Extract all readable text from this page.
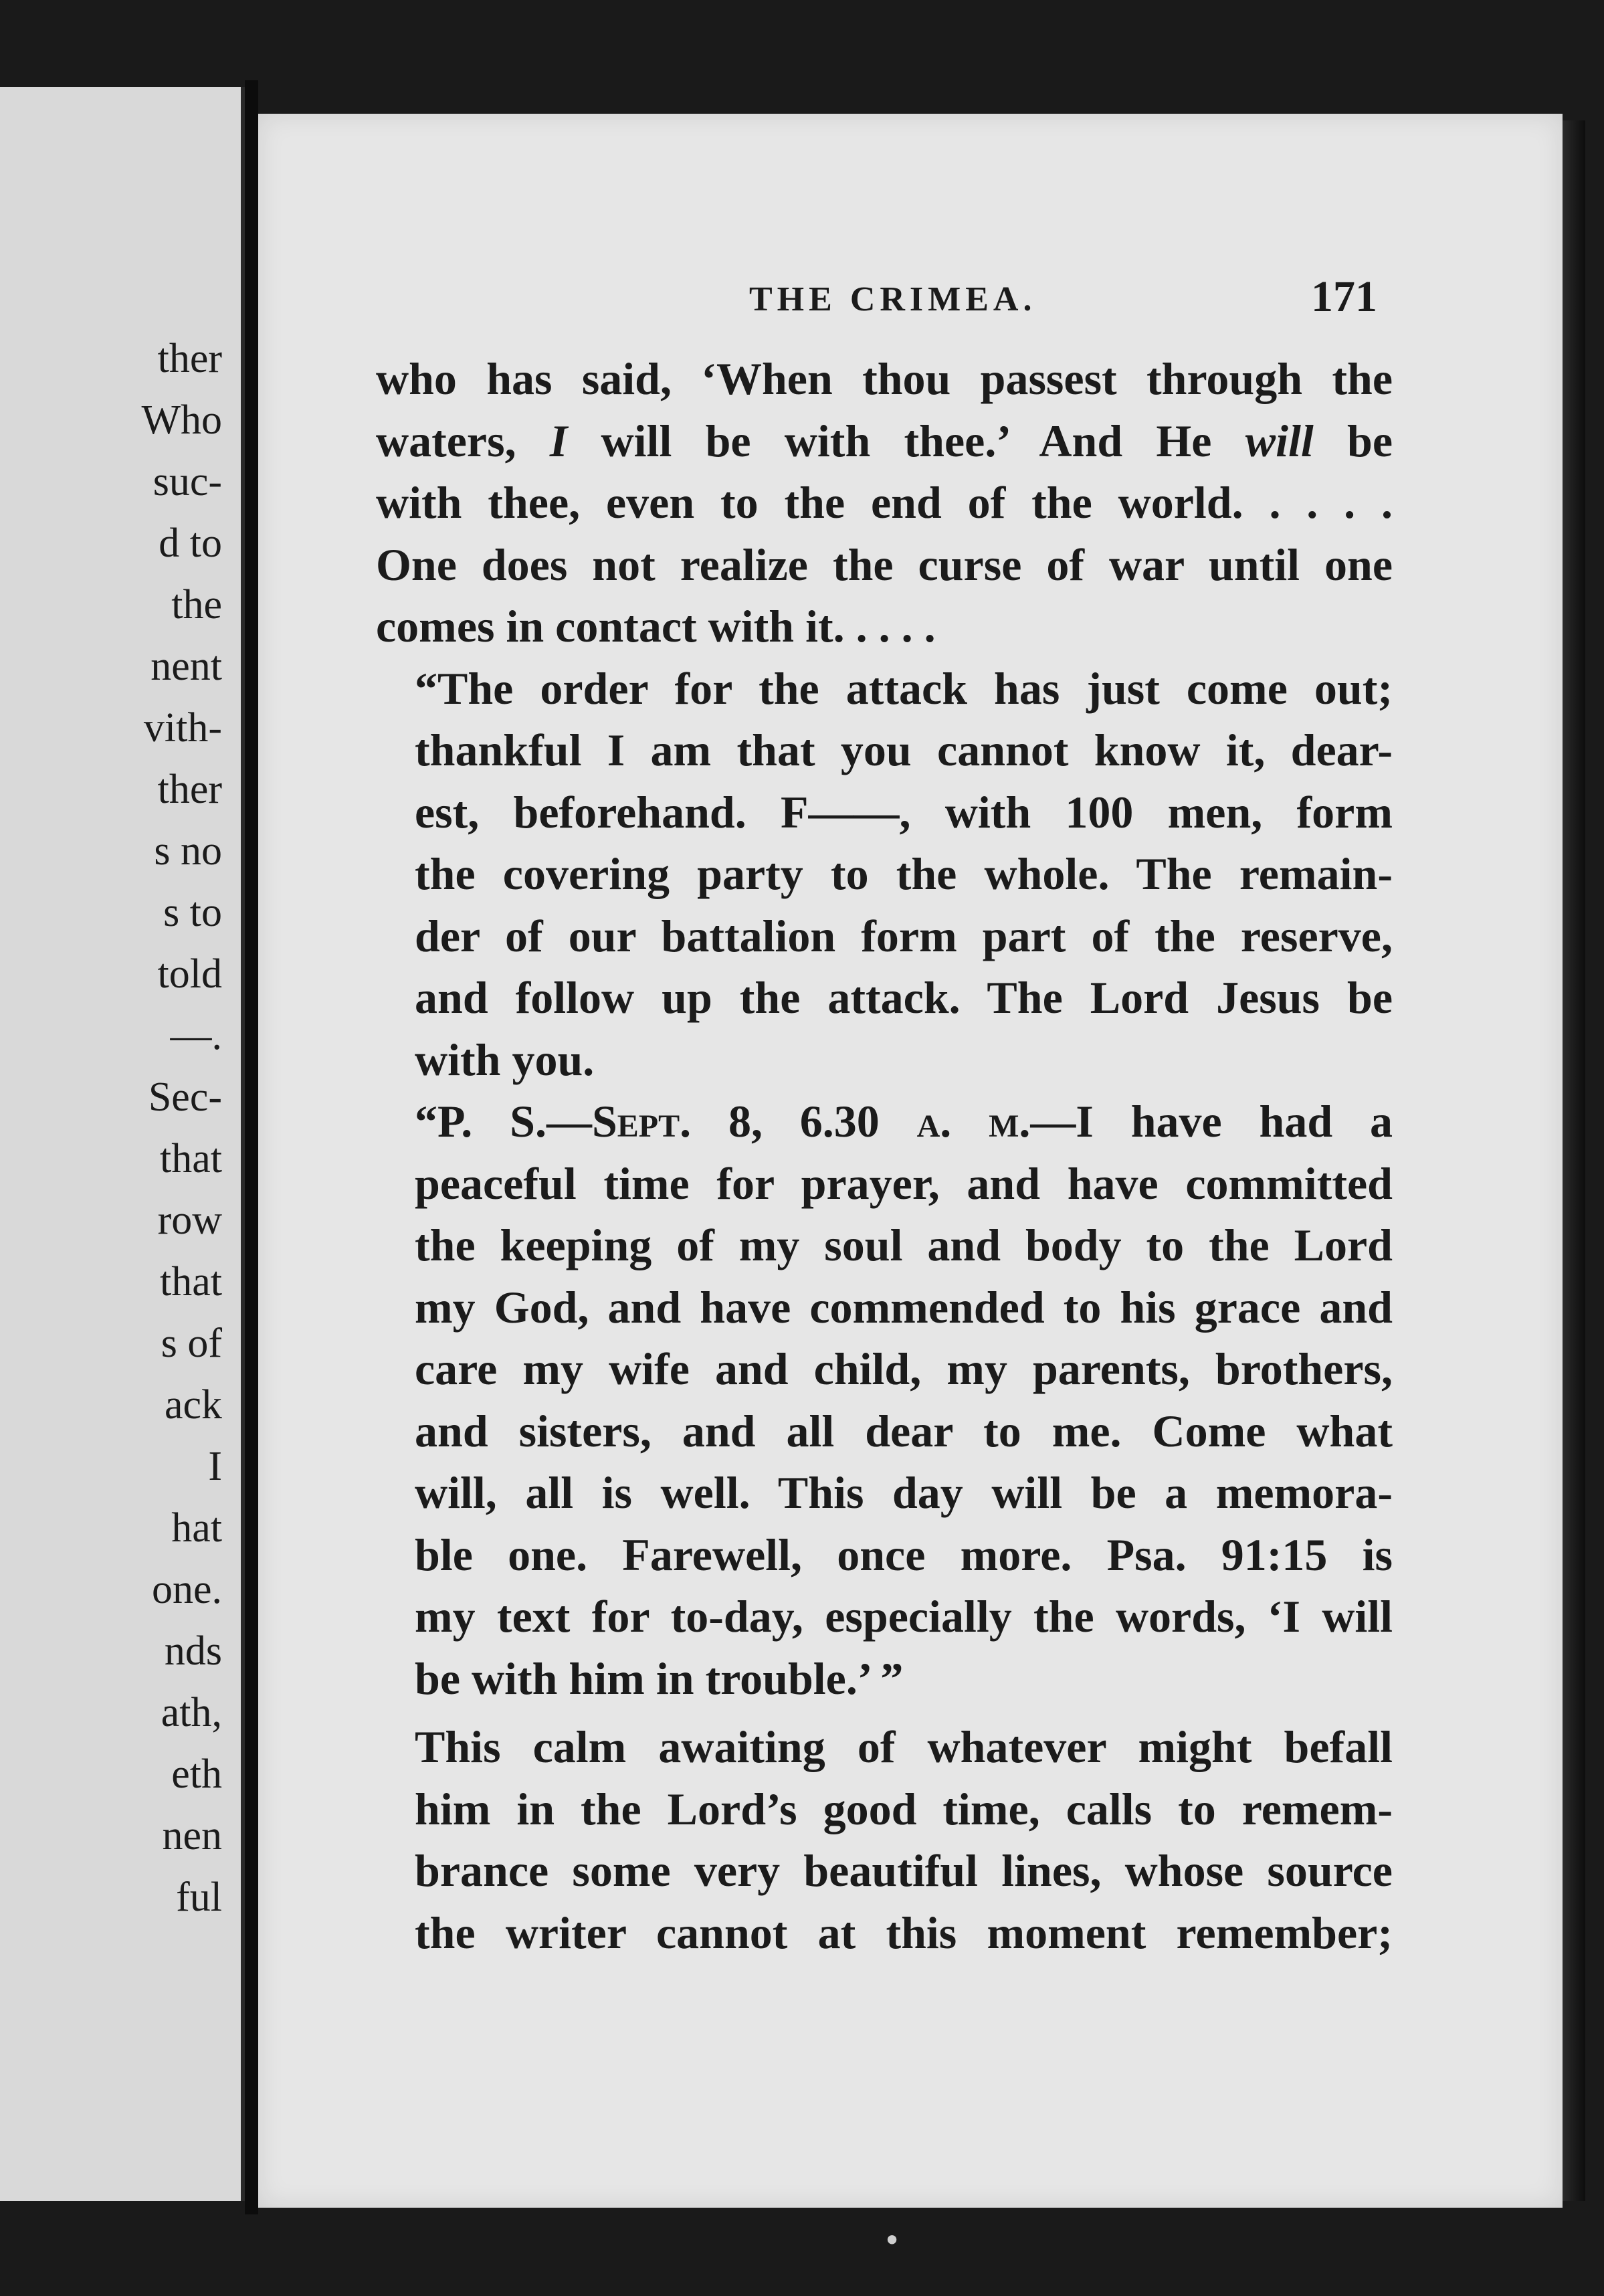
ther
Who
suc-
d to
the
nent
vith-
ther
s no
s to
told
—.
Sec-
that
row
that
s of
ack
I
hat
one.
nds
ath,
eth
nen
ful
THE CRIMEA.	171

who has said, ‘When thou passest through the
waters, I will be with thee.’ And He will be
with thee, even to the end of the world. . . . .
One does not realize the curse of war until one
comes in contact with it. . . . .

“The order for the attack has just come out;
thankful I am that you cannot know it, dear-
est, beforehand. F——, with 100 men, form
the covering party to the whole. The remain-
der of our battalion form part of the reserve,
and follow up the attack. The Lord Jesus be
with you.

“P. S.—Sept. 8, 6.30 a. m.—I have had a
peaceful time for prayer, and have committed
the keeping of my soul and body to the Lord
my God, and have commended to his grace and
care my wife and child, my parents, brothers,
and sisters, and all dear to me. Come what
will, all is well. This day will be a memora-
ble one. Farewell, once more. Psa. 91:15 is
my text for to-day, especially the words, ‘I will
be with him in trouble.’ ”

This calm awaiting of whatever might befall
him in the Lord’s good time, calls to remem-
brance some very beautiful lines, whose source
the writer cannot at this moment remember;

•
